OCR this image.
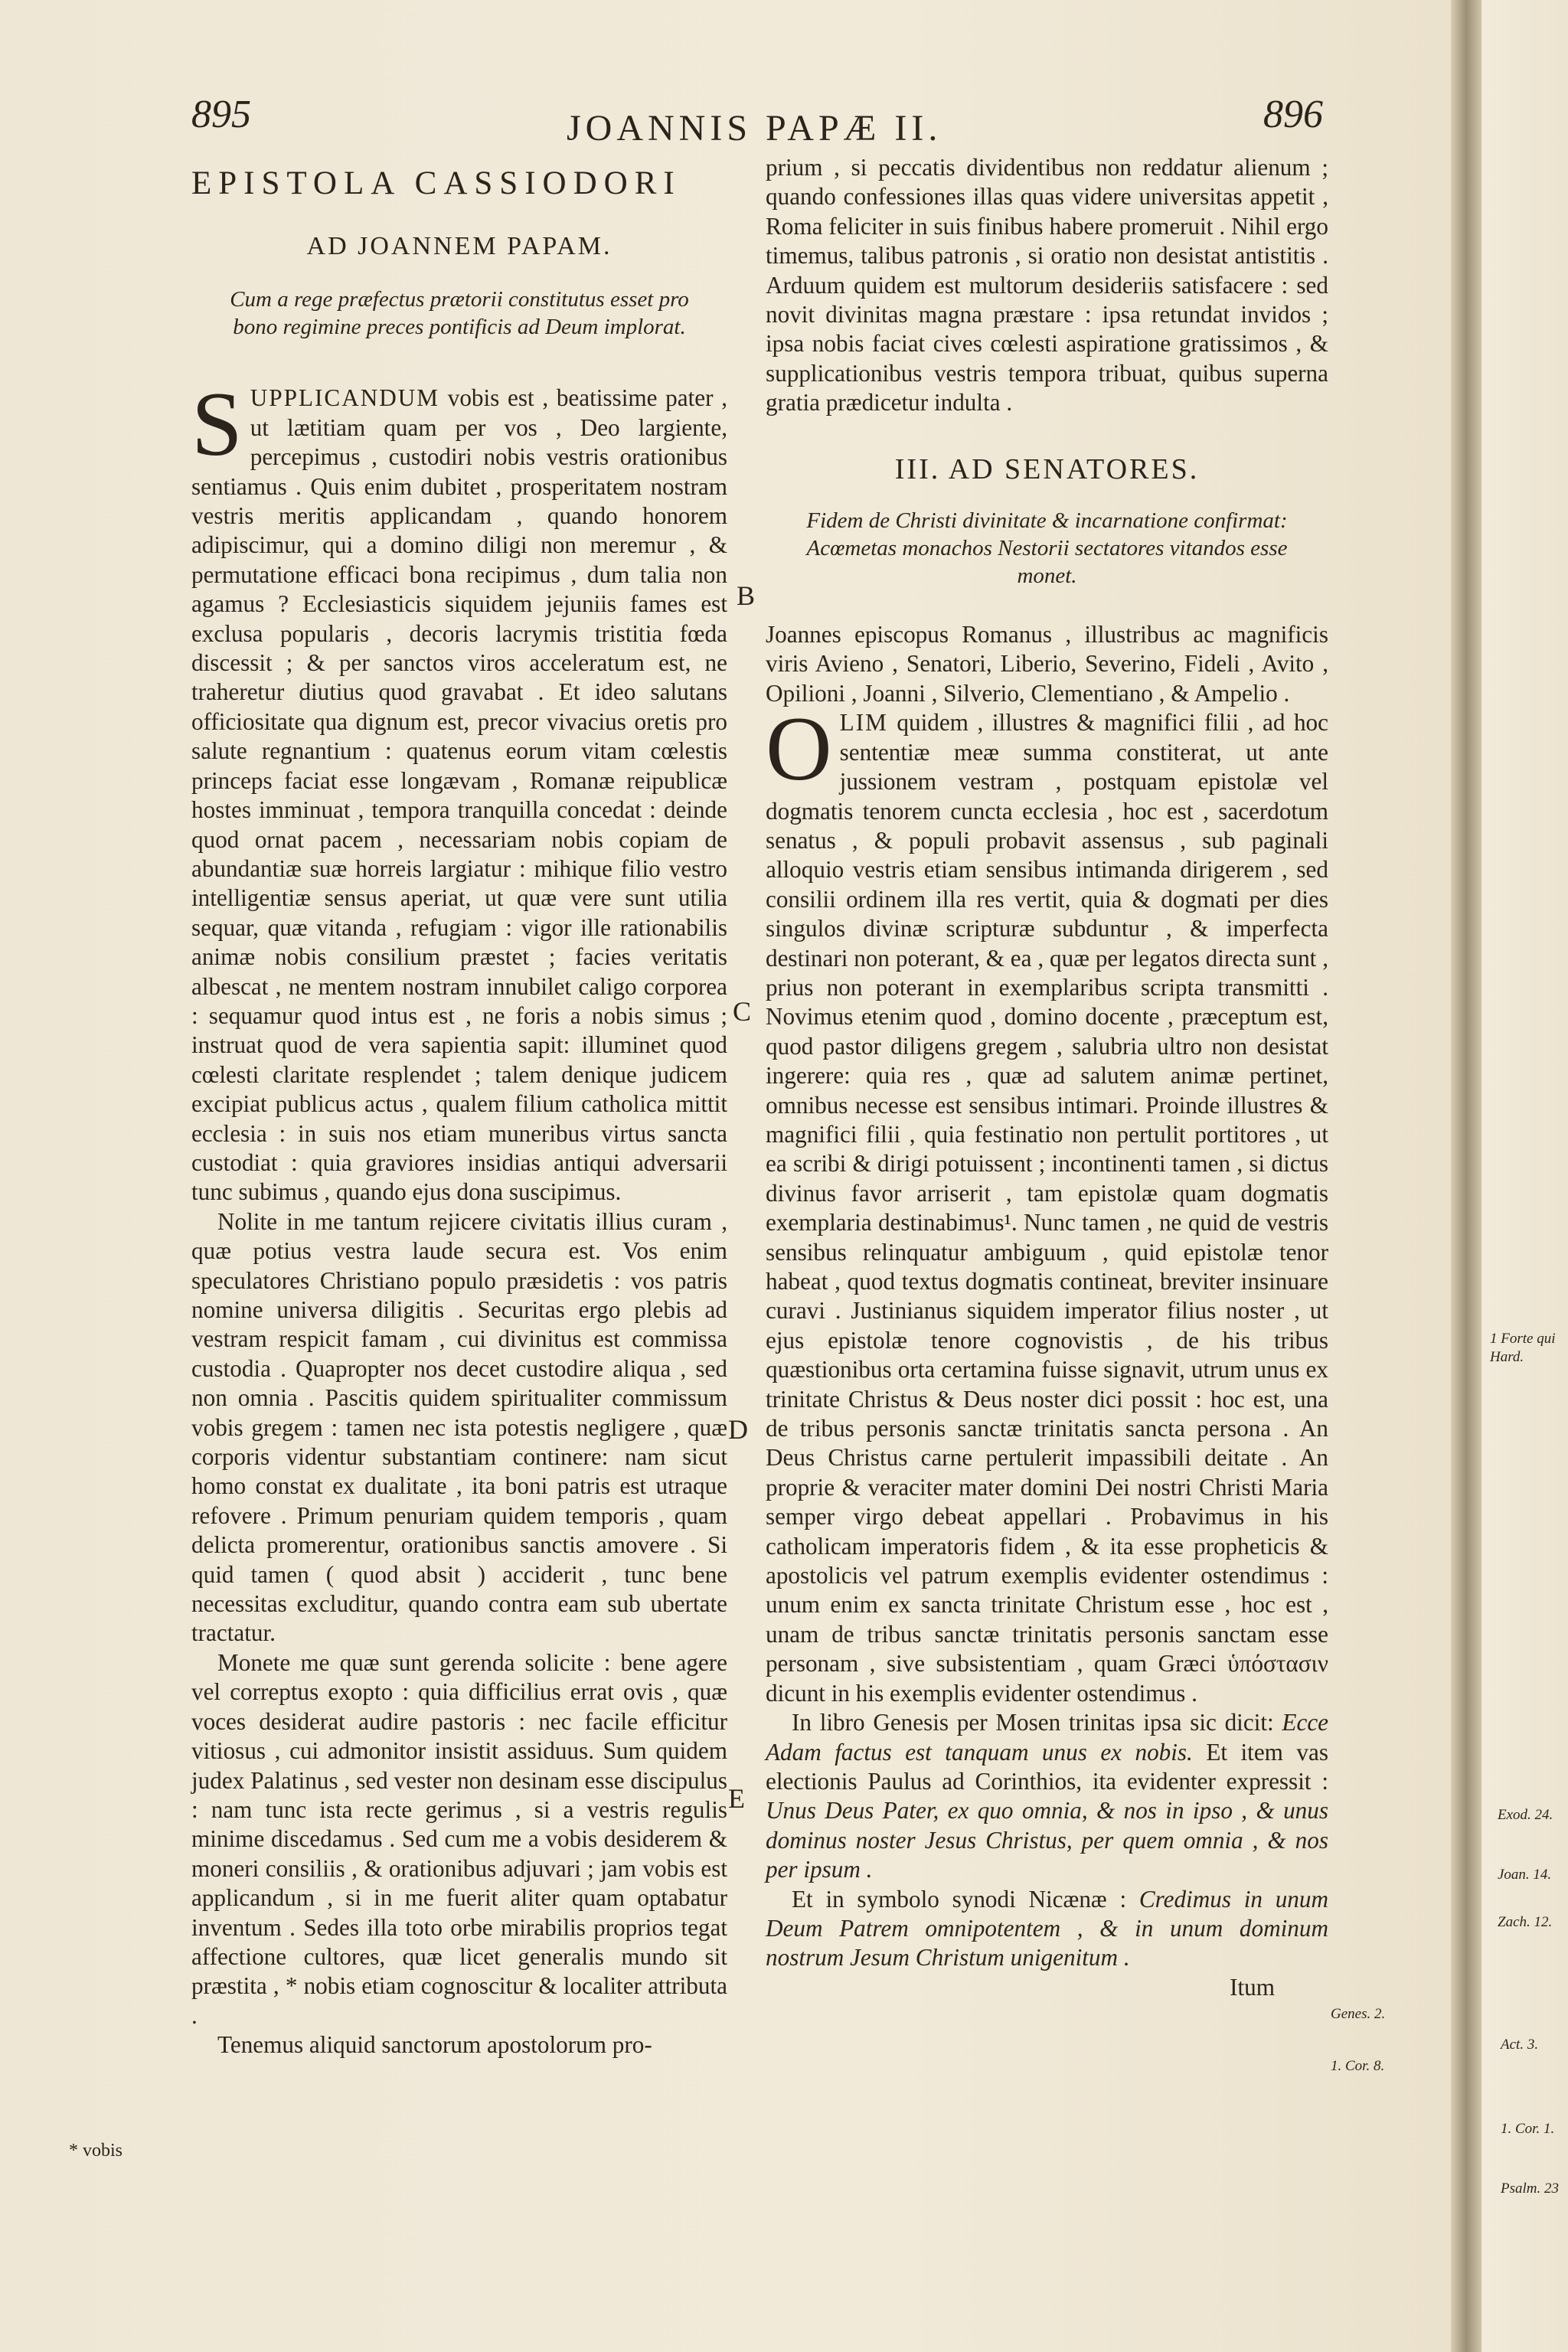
895	JOANNIS PAPÆ II.	896
EPISTOLA CASSIODORI
AD JOANNEM PAPAM.
Cum a rege præfectus prætorii constitutus esset pro bono regimine preces pontificis ad Deum implorat.

SUPPLICANDUM vobis est , beatissime pater , ut lætitiam quam per vos , Deo largiente, percepimus , custodiri nobis vestris orationibus sentiamus . Quis enim dubitet , prosperitatem nostram vestris meritis applicandam , quando honorem adipiscimur, qui a domino diligi non meremur , & permutatione efficaci bona recipimus , dum talia non agamus ? Ecclesiasticis siquidem jejuniis fames est exclusa popularis , decoris lacrymis tristitia fœda discessit ; & per sanctos viros acceleratum est, ne traheretur diutius quod gravabat . Et ideo salutans officiositate qua dignum est, precor vivacius oretis pro salute regnantium : quatenus eorum vitam cœlestis princeps faciat esse longævam , Romanæ reipublicæ hostes imminuat , tempora tranquilla concedat : deinde quod ornat pacem , necessariam nobis copiam de abundantiæ suæ horreis largiatur : mihique filio vestro intelligentiæ sensus aperiat, ut quæ vere sunt utilia sequar, quæ vitanda , refugiam : vigor ille rationabilis animæ nobis consilium præstet ; facies veritatis albescat , ne mentem nostram innubilet caligo corporea : sequamur quod intus est , ne foris a nobis simus ; instruat quod de vera sapientia sapit: illuminet quod cœlesti claritate resplendet ; talem denique judicem excipiat publicus actus , qualem filium catholica mittit ecclesia : in suis nos etiam muneribus virtus sancta custodiat : quia graviores insidias antiqui adversarii tunc subimus , quando ejus dona suscipimus.

Nolite in me tantum rejicere civitatis illius curam , quæ potius vestra laude secura est. Vos enim speculatores Christiano populo præsidetis : vos patris nomine universa diligitis . Securitas ergo plebis ad vestram respicit famam , cui divinitus est commissa custodia . Quapropter nos decet custodire aliqua , sed non omnia . Pascitis quidem spiritualiter commissum vobis gregem : tamen nec ista potestis negligere , quæ corporis videntur substantiam continere: nam sicut homo constat ex dualitate , ita boni patris est utraque refovere . Primum penuriam quidem temporis , quam delicta promerentur, orationibus sanctis amovere . Si quid tamen ( quod absit ) acciderit , tunc bene necessitas excluditur, quando contra eam sub ubertate tractatur.

Monete me quæ sunt gerenda solicite : bene agere vel correptus exopto : quia difficilius errat ovis , quæ voces desiderat audire pastoris : nec facile efficitur vitiosus , cui admonitor insistit assiduus. Sum quidem judex Palatinus , sed vester non desinam esse discipulus : nam tunc ista recte gerimus , si a vestris regulis minime discedamus . Sed cum me a vobis desiderem & moneri consiliis , & orationibus adjuvari ; jam vobis est applicandum , si in me fuerit aliter quam optabatur inventum . Sedes illa toto orbe mirabilis proprios tegat affectione cultores, quæ licet generalis mundo sit præstita , * nobis etiam cognoscitur & localiter attributa .

Tenemus aliquid sanctorum apostolorum pro-

prium , si peccatis dividentibus non reddatur alienum ; quando confessiones illas quas videre universitas appetit , Roma feliciter in suis finibus habere promeruit . Nihil ergo timemus, talibus patronis , si oratio non desistat antistitis . Arduum quidem est multorum desideriis satisfacere : sed novit divinitas magna præstare : ipsa retundat invidos ; ipsa nobis faciat cives cœlesti aspiratione gratissimos , & supplicationibus vestris tempora tribuat, quibus superna gratia prædicetur indulta .

III. AD SENATORES.
Fidem de Christi divinitate & incarnatione confirmat: Acœmetas monachos Nestorii sectatores vitandos esse monet.

Joannes episcopus Romanus , illustribus ac magnificis viris Avieno , Senatori, Liberio, Severino, Fideli , Avito , Opilioni , Joanni , Silverio, Clementiano , & Ampelio .

OLIM quidem , illustres & magnifici filii , ad hoc sententiæ meæ summa constiterat, ut ante jussionem vestram , postquam epistolæ vel dogmatis tenorem cuncta ecclesia , hoc est , sacerdotum senatus , & populi probavit assensus , sub paginali alloquio vestris etiam sensibus intimanda dirigerem , sed consilii ordinem illa res vertit, quia & dogmati per dies singulos divinæ scripturæ subduntur , & imperfecta destinari non poterant, & ea , quæ per legatos directa sunt , prius non poterant in exemplaribus scripta transmitti . Novimus etenim quod , domino docente , præceptum est, quod pastor diligens gregem , salubria ultro non desistat ingerere: quia res , quæ ad salutem animæ pertinet, omnibus necesse est sensibus intimari. Proinde illustres & magnifici filii , quia festinatio non pertulit portitores , ut ea scribi & dirigi potuissent ; incontinenti tamen , si dictus divinus favor arriserit , tam epistolæ quam dogmatis exemplaria destinabimus¹. Nunc tamen , ne quid de vestris sensibus relinquatur ambiguum , quid epistolæ tenor habeat , quod textus dogmatis contineat, breviter insinuare curavi . Justinianus siquidem imperator filius noster , ut ejus epistolæ tenore cognovistis , de his tribus quæstionibus orta certamina fuisse signavit, utrum unus ex trinitate Christus & Deus noster dici possit : hoc est, una de tribus personis sanctæ trinitatis sancta persona . An Deus Christus carne pertulerit impassibili deitate . An proprie & veraciter mater domini Dei nostri Christi Maria semper virgo debeat appellari . Probavimus in his catholicam imperatoris fidem , & ita esse propheticis & apostolicis vel patrum exemplis evidenter ostendimus : unum enim ex sancta trinitate Christum esse , hoc est , unam de tribus sanctæ trinitatis personis sanctam esse personam , sive subsistentiam , quam Græci ὑπόστασιν dicunt in his exemplis evidenter ostendimus .

In libro Genesis per Mosen trinitas ipsa sic dicit: Ecce Adam factus est tanquam unus ex nobis. Et item vas electionis Paulus ad Corinthios, ita evidenter expressit : Unus Deus Pater, ex quo omnia, & nos in ipso , & unus dominus noster Jesus Christus, per quem omnia , & nos per ipsum .

Et in symbolo synodi Nicænæ : Credimus in unum Deum Patrem omnipotentem , & in unum dominum nostrum Jesum Christum unigenitum .

Itum

B
C
D
E
* vobis
1 Forte qui
Hard.
Exod. 24.
Joan. 14.
Zach. 12.
Genes. 2.
1. Cor. 8.
Act. 3.
1. Cor. 1.
Psalm. 23
